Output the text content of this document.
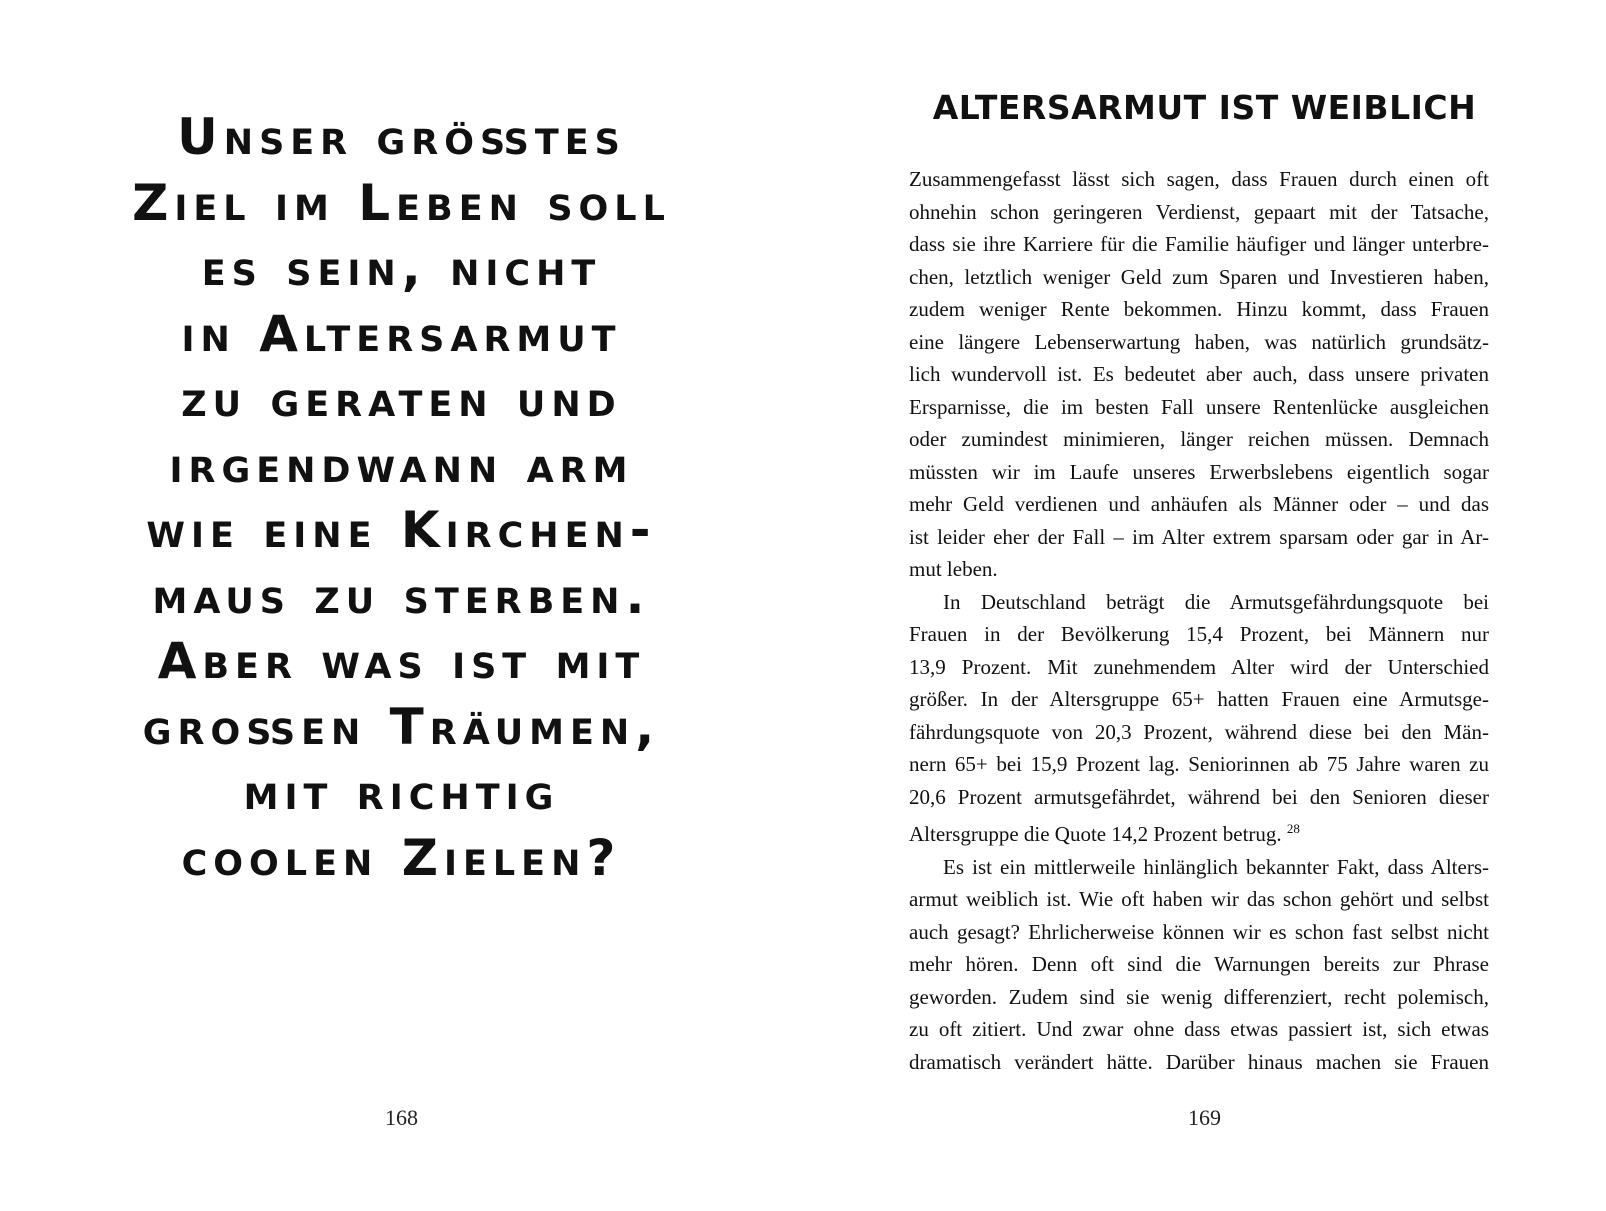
Unser größtes
Ziel im Leben soll
es sein, nicht
in Altersarmut
zu geraten und
irgendwann arm
wie eine Kirchen-
maus zu sterben.
Aber was ist mit
großen Träumen,
mit richtig
coolen Zielen?
168
ALTERSARMUT IST WEIBLICH
Zusammengefasst lässt sich sagen, dass Frauen durch einen oft
ohnehin schon geringeren Verdienst, gepaart mit der Tatsache,
dass sie ihre Karriere für die Familie häufiger und länger unterbre-
chen, letztlich weniger Geld zum Sparen und Investieren haben,
zudem weniger Rente bekommen. Hinzu kommt, dass Frauen
eine längere Lebenserwartung haben, was natürlich grundsätz-
lich wundervoll ist. Es bedeutet aber auch, dass unsere privaten
Ersparnisse, die im besten Fall unsere Rentenlücke ausgleichen
oder zumindest minimieren, länger reichen müssen. Demnach
müssten wir im Laufe unseres Erwerbslebens eigentlich sogar
mehr Geld verdienen und anhäufen als Männer oder – und das
ist leider eher der Fall – im Alter extrem sparsam oder gar in Ar-
mut leben.
In Deutschland beträgt die Armutsgefährdungsquote bei
Frauen in der Bevölkerung 15,4 Prozent, bei Männern nur
13,9 Prozent. Mit zunehmendem Alter wird der Unterschied
größer. In der Altersgruppe 65+ hatten Frauen eine Armutsge-
fährdungsquote von 20,3 Prozent, während diese bei den Män-
nern 65+ bei 15,9 Prozent lag. Seniorinnen ab 75 Jahre waren zu
20,6 Prozent armutsgefährdet, während bei den Senioren dieser
Altersgruppe die Quote 14,2 Prozent betrug. $^{28}$
Es ist ein mittlerweile hinlänglich bekannter Fakt, dass Alters-
armut weiblich ist. Wie oft haben wir das schon gehört und selbst
auch gesagt? Ehrlicherweise können wir es schon fast selbst nicht
mehr hören. Denn oft sind die Warnungen bereits zur Phrase
geworden. Zudem sind sie wenig differenziert, recht polemisch,
zu oft zitiert. Und zwar ohne dass etwas passiert ist, sich etwas
dramatisch verändert hätte. Darüber hinaus machen sie Frauen
169
